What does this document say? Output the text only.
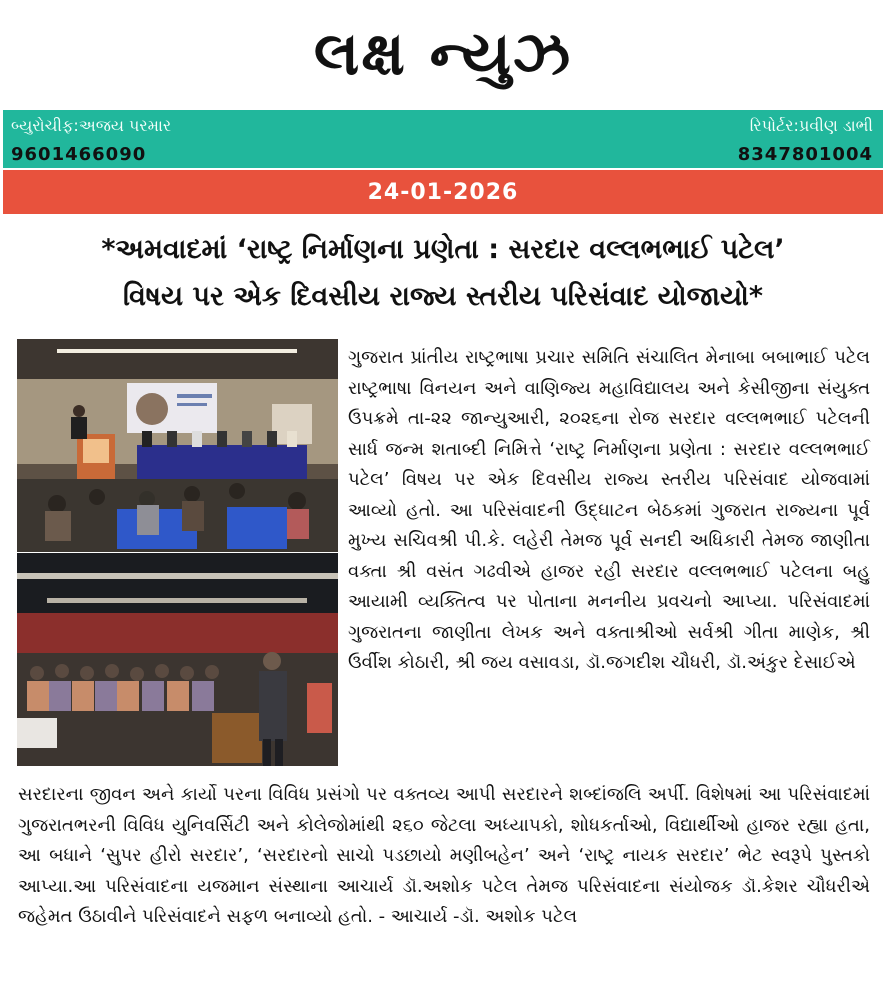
લક્ષ ન્યુઝ
બ્યુરોચીફ:અજય પરમાર
9601466090
રિપોર્ટર:પ્રવીણ ડાભી
8347801004
24-01-2026
*અમવાદમાં ‘રાષ્ટ્ર નિર્માણના પ્રણેતા : સરદાર વલ્લભભાઈ પટેલ’
વિષય પર એક દિવસીય રાજ્ય સ્તરીય પરિસંવાદ યોજાયો*
ગુજરાત પ્રાંતીય રાષ્ટ્રભાષા પ્રચાર સમિતિ સંચાલિત મેનાબા બબાભાઈ પટેલ રાષ્ટ્રભાષા વિનયન અને વાણિજ્ય મહાવિદ્યાલય અને કેસીજીના સંયુક્ત ઉપક્રમે તા-૨૨ જાન્યુઆરી, ૨૦૨૬ના રોજ સરદાર વલ્લભભાઈ પટેલની સાર્ધ જન્મ શતાબ્દી નિમિત્તે ‘રાષ્ટ્ર નિર્માણના પ્રણેતા : સરદાર વલ્લભભાઈ પટેલ’ વિષય પર એક દિવસીય રાજ્ય સ્તરીય પરિસંવાદ યોજવામાં આવ્યો હતો. આ પરિસંવાદની ઉદ્ઘાટન બેઠકમાં ગુજરાત રાજ્યના પૂર્વ મુખ્ય સચિવશ્રી પી.કે. લહેરી તેમજ પૂર્વ સનદી અધિકારી તેમજ જાણીતા વક્તા શ્રી વસંત ગઢવીએ હાજર રહી સરદાર વલ્લભભાઈ પટેલના બહુ આયામી વ્યક્તિત્વ પર પોતાના મનનીય પ્રવચનો આપ્યા. પરિસંવાદમાં ગુજરાતના જાણીતા લેખક અને વક્તાશ્રીઓ સર્વશ્રી ગીતા માણેક, શ્રી ઉર્વીશ કોઠારી, શ્રી જય વસાવડા, ડૉ.જગદીશ ચૌધરી, ડૉ.અંકુર દેસાઈએ
સરદારના જીવન અને કાર્યો પરના વિવિધ પ્રસંગો પર વક્તવ્ય આપી સરદારને શબ્દાંજલિ અર્પી. વિશેષમાં આ પરિસંવાદમાં ગુજરાતભરની વિવિધ યુનિવર્સિટી અને કોલેજોમાંથી ૨૬૦ જેટલા અધ્યાપકો, શોધકર્તાઓ, વિદ્યાર્થીઓ હાજર રહ્યા હતા, આ બધાને ‘સુપર હીરો સરદાર’, ‘સરદારનો સાચો પડછાયો મણીબહેન’ અને ‘રાષ્ટ્ર નાયક સરદાર’ ભેટ સ્વરૂપે પુસ્તકો આપ્યા.આ પરિસંવાદના યજમાન સંસ્થાના આચાર્ય ડૉ.અશોક પટેલ તેમજ પરિસંવાદના સંયોજક ડૉ.કેશર ચૌધરીએ જહેમત ઉઠાવીને પરિસંવાદને સફળ બનાવ્યો હતો. - આચાર્ય -ડૉ. અશોક પટેલ
